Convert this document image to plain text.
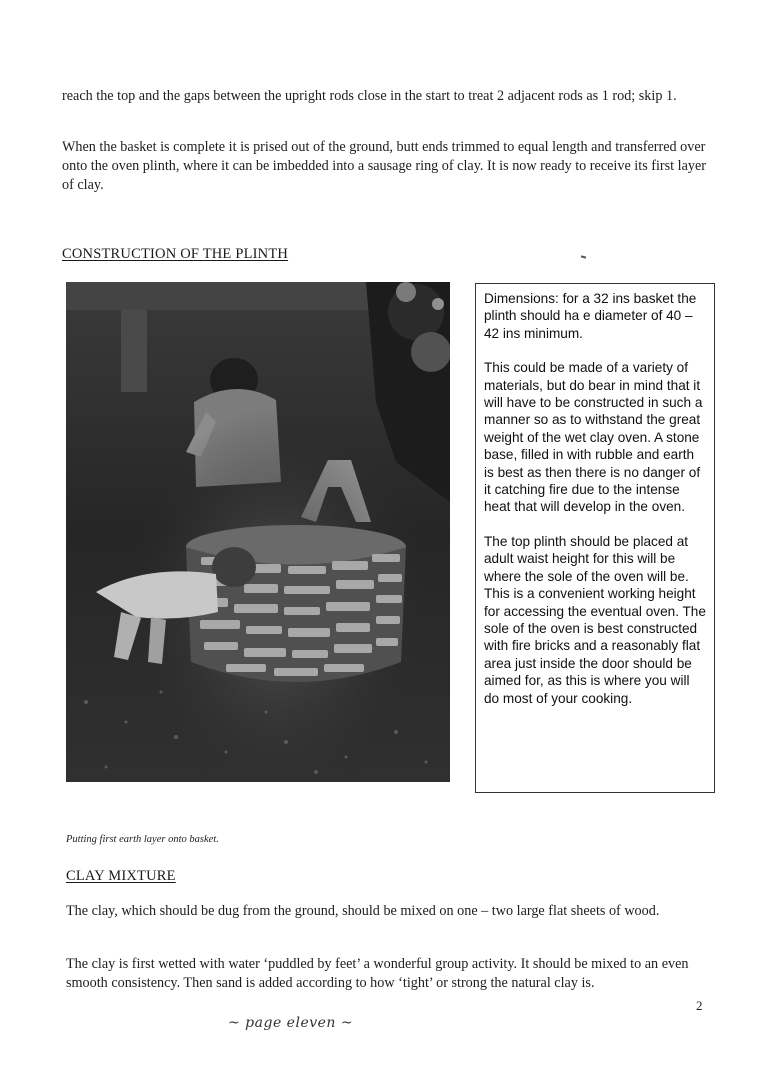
reach the top and the gaps between the upright rods close in the start to treat 2 adjacent rods as 1 rod; skip 1.
When the basket is complete it is prised out of the ground, butt ends trimmed to equal length and transferred over onto the oven plinth, where it can be imbedded into a sausage ring of clay. It is now ready to receive its first layer of clay.
CONSTRUCTION OF THE PLINTH

Dimensions: for a 32 ins basket the plinth should ha e diameter of 40 – 42 ins minimum.

This could be made of a variety of materials, but do bear in mind that it will have to be constructed in such a manner so as to withstand the great weight of the wet clay oven. A stone base, filled in with rubble and earth is best as then there is no danger of it catching fire due to the intense heat that will develop in the oven.

The top plinth should be placed at adult waist height for this will be where the sole of the oven will be. This is a convenient working height for accessing the eventual oven. The sole of the oven is best constructed with fire bricks and a reasonably flat area just inside the door should be aimed for, as this is where you will do most of your cooking.

Putting first earth layer onto basket.
CLAY MIXTURE
The clay, which should be dug from the ground, should be mixed on one – two large flat sheets of wood.
The clay is first wetted with water ‘puddled by feet’ a wonderful group activity. It should be mixed to an even smooth consistency. Then sand is added according to how ‘tight’ or strong the natural clay is.
2
~ page eleven ~
